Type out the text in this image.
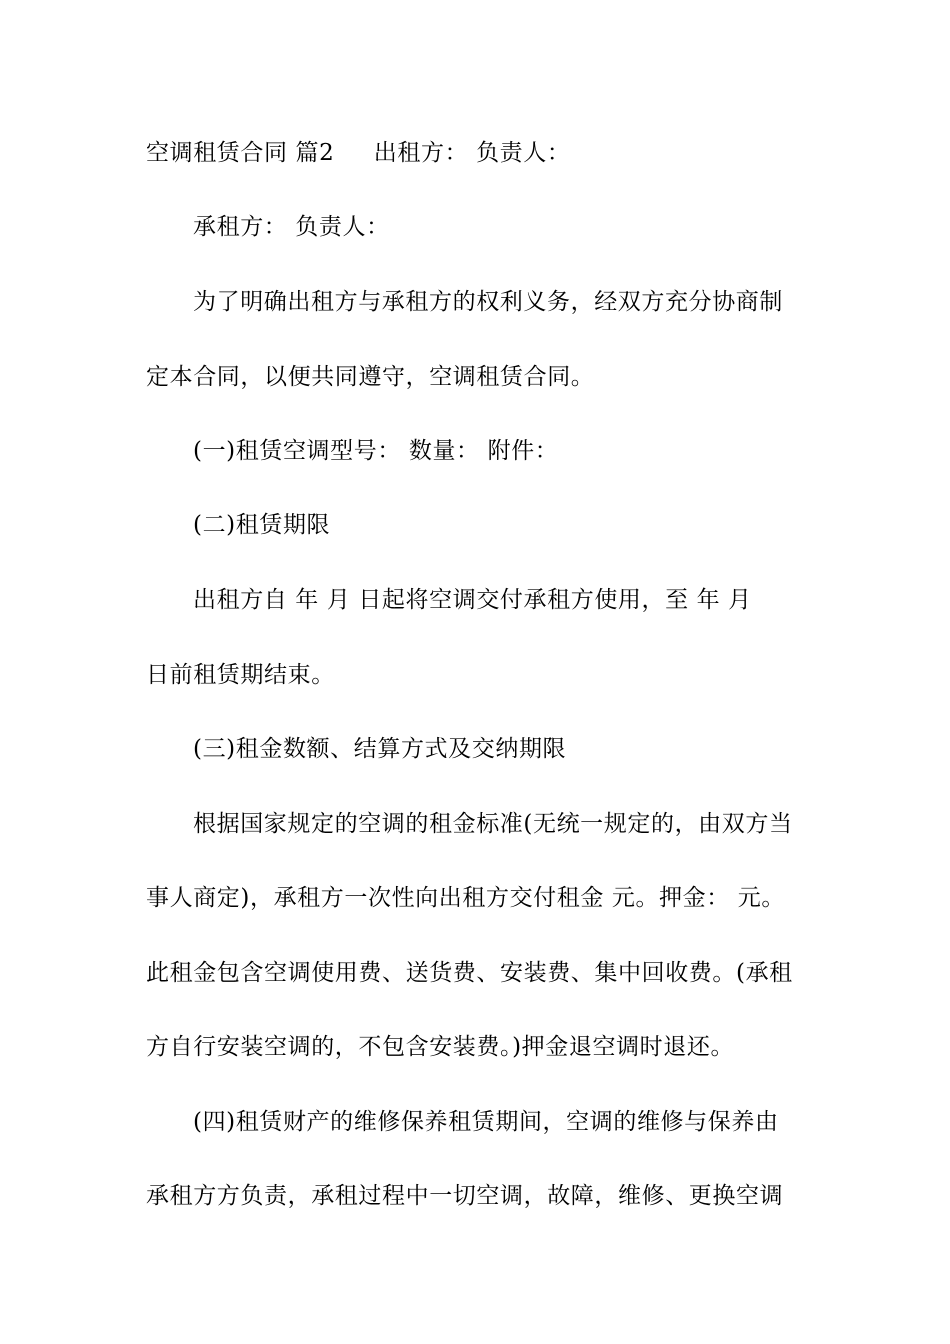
空调租赁合同 篇2 　 出租方： 负责人：

承租方： 负责人：

为了明确出租方与承租方的权利义务，经双方充分协商制

定本合同，以便共同遵守，空调租赁合同。

(一)租赁空调型号： 数量： 附件：

(二)租赁期限

出租方自 年 月 日起将空调交付承租方使用，至 年 月

日前租赁期结束。

(三)租金数额、结算方式及交纳期限

根据国家规定的空调的租金标准(无统一规定的，由双方当

事人商定)，承租方一次性向出租方交付租金 元。押金： 元。

此租金包含空调使用费、送货费、安装费、集中回收费。(承租

方自行安装空调的，不包含安装费。)押金退空调时退还。

(四)租赁财产的维修保养租赁期间，空调的维修与保养由

承租方方负责，承租过程中一切空调，故障，维修、更换空调
